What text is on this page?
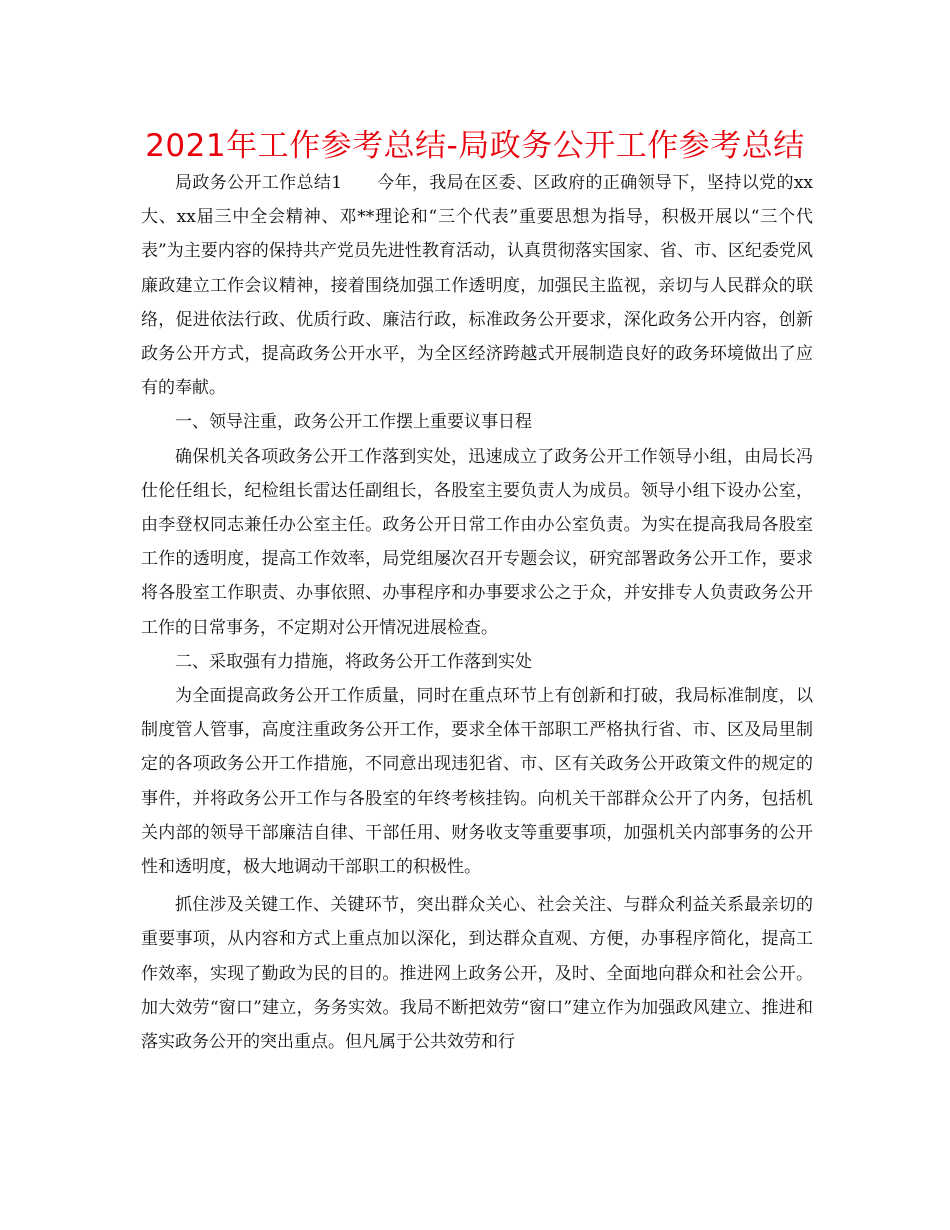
2021年工作参考总结-局政务公开工作参考总结

局政务公开工作总结1　　今年，我局在区委、区政府的正确领导下，坚持以党的xx大、xx届三中全会精神、邓**理论和“三个代表”重要思想为指导，积极开展以“三个代表”为主要内容的保持共产党员先进性教育活动，认真贯彻落实国家、省、市、区纪委党风廉政建立工作会议精神，接着围绕加强工作透明度，加强民主监视，亲切与人民群众的联络，促进依法行政、优质行政、廉洁行政，标准政务公开要求，深化政务公开内容，创新政务公开方式，提高政务公开水平，为全区经济跨越式开展制造良好的政务环境做出了应有的奉献。

一、领导注重，政务公开工作摆上重要议事日程

确保机关各项政务公开工作落到实处，迅速成立了政务公开工作领导小组，由局长冯仕伦任组长，纪检组长雷达任副组长，各股室主要负责人为成员。领导小组下设办公室，由李登权同志兼任办公室主任。政务公开日常工作由办公室负责。为实在提高我局各股室工作的透明度，提高工作效率，局党组屡次召开专题会议，研究部署政务公开工作，要求将各股室工作职责、办事依照、办事程序和办事要求公之于众，并安排专人负责政务公开工作的日常事务，不定期对公开情况进展检查。

二、采取强有力措施，将政务公开工作落到实处

为全面提高政务公开工作质量，同时在重点环节上有创新和打破，我局标准制度，以制度管人管事，高度注重政务公开工作，要求全体干部职工严格执行省、市、区及局里制定的各项政务公开工作措施，不同意出现违犯省、市、区有关政务公开政策文件的规定的事件，并将政务公开工作与各股室的年终考核挂钩。向机关干部群众公开了内务，包括机关内部的领导干部廉洁自律、干部任用、财务收支等重要事项，加强机关内部事务的公开性和透明度，极大地调动干部职工的积极性。

抓住涉及关键工作、关键环节，突出群众关心、社会关注、与群众利益关系最亲切的重要事项，从内容和方式上重点加以深化，到达群众直观、方便，办事程序简化，提高工作效率，实现了勤政为民的目的。推进网上政务公开，及时、全面地向群众和社会公开。加大效劳“窗口”建立，务务实效。我局不断把效劳“窗口”建立作为加强政风建立、推进和落实政务公开的突出重点。但凡属于公共效劳和行
